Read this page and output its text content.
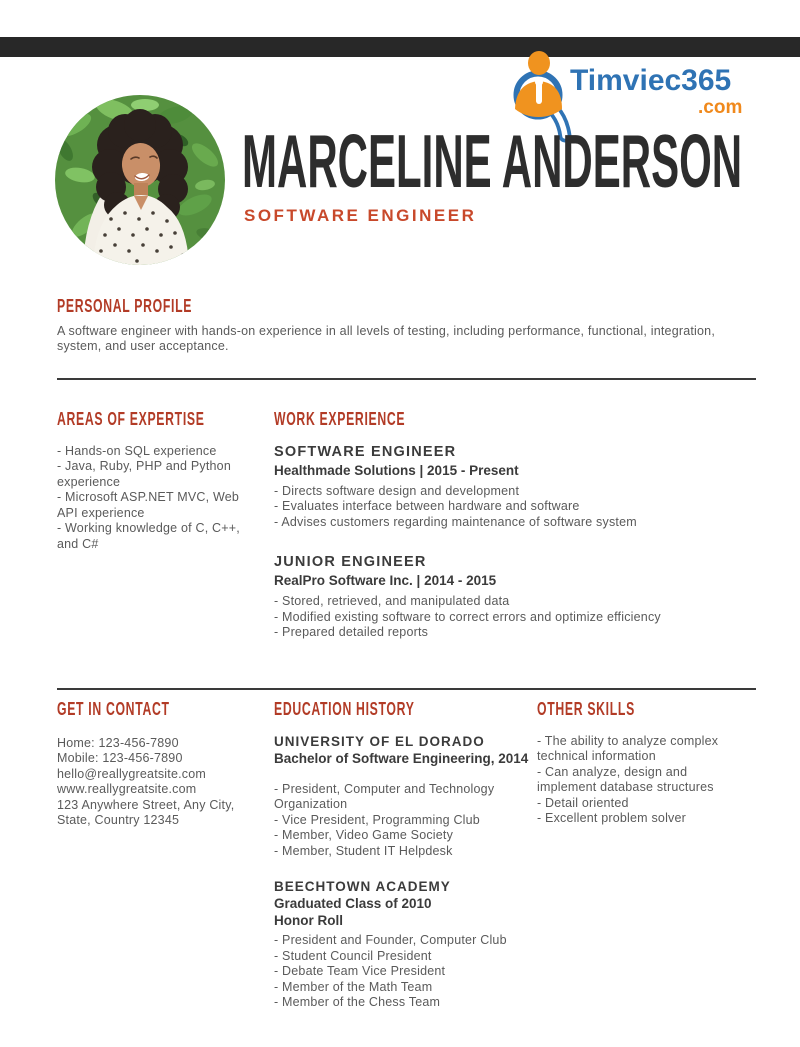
Timviec365
.com
MARCELINE ANDERSON
SOFTWARE ENGINEER
PERSONAL PROFILE

A software engineer with hands-on experience in all levels of testing, including performance, functional, integration, system, and user acceptance.

AREAS OF EXPERTISE
- Hands-on SQL experience
- Java, Ruby, PHP and Python experience
- Microsoft ASP.NET MVC, Web API experience
- Working knowledge of C, C++, and C#
WORK EXPERIENCE
SOFTWARE ENGINEER
Healthmade Solutions | 2015 - Present
- Directs software design and development
- Evaluates interface between hardware and software
- Advises customers regarding maintenance of software system
JUNIOR ENGINEER
RealPro Software Inc. | 2014 - 2015
- Stored, retrieved, and manipulated data
- Modified existing software to correct errors and optimize efficiency
- Prepared detailed reports
GET IN CONTACT
Home: 123-456-7890
Mobile: 123-456-7890
hello@reallygreatsite.com
www.reallygreatsite.com
123 Anywhere Street, Any City,
State, Country 12345
EDUCATION HISTORY
UNIVERSITY OF EL DORADO
Bachelor of Software Engineering, 2014
- President, Computer and Technology Organization
- Vice President, Programming Club
- Member, Video Game Society
- Member, Student IT Helpdesk
BEECHTOWN ACADEMY
Graduated Class of 2010
Honor Roll
- President and Founder, Computer Club
- Student Council President
- Debate Team Vice President
- Member of the Math Team
- Member of the Chess Team
OTHER SKILLS
- The ability to analyze complex technical information
- Can analyze, design and implement database structures
- Detail oriented
- Excellent problem solver
